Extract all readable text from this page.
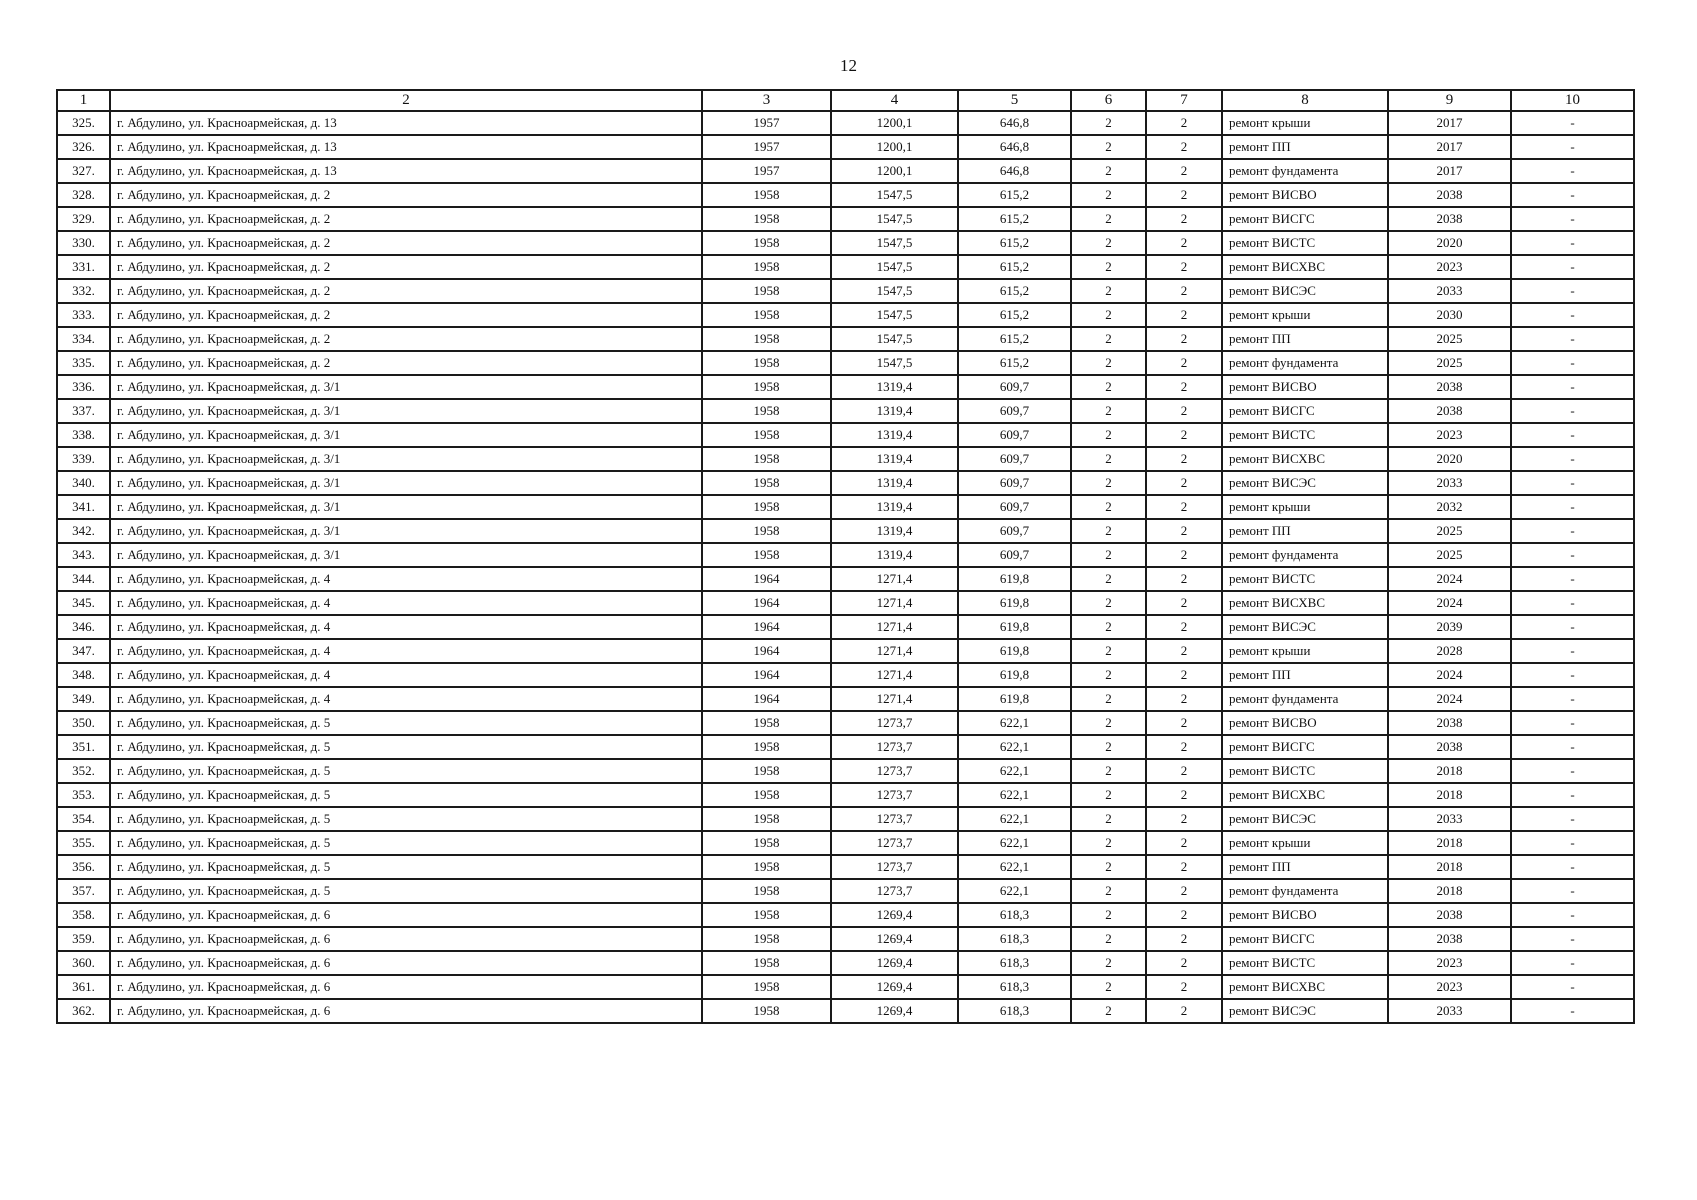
12
1	2	3	4	5	6	7	8	9	10
325.	г. Абдулино, ул. Красноармейская, д. 13	1957	1200,1	646,8	2	2	ремонт крыши	2017	-
326.	г. Абдулино, ул. Красноармейская, д. 13	1957	1200,1	646,8	2	2	ремонт ПП	2017	-
327.	г. Абдулино, ул. Красноармейская, д. 13	1957	1200,1	646,8	2	2	ремонт фундамента	2017	-
328.	г. Абдулино, ул. Красноармейская, д. 2	1958	1547,5	615,2	2	2	ремонт ВИСВО	2038	-
329.	г. Абдулино, ул. Красноармейская, д. 2	1958	1547,5	615,2	2	2	ремонт ВИСГС	2038	-
330.	г. Абдулино, ул. Красноармейская, д. 2	1958	1547,5	615,2	2	2	ремонт ВИСТС	2020	-
331.	г. Абдулино, ул. Красноармейская, д. 2	1958	1547,5	615,2	2	2	ремонт ВИСХВС	2023	-
332.	г. Абдулино, ул. Красноармейская, д. 2	1958	1547,5	615,2	2	2	ремонт ВИСЭС	2033	-
333.	г. Абдулино, ул. Красноармейская, д. 2	1958	1547,5	615,2	2	2	ремонт крыши	2030	-
334.	г. Абдулино, ул. Красноармейская, д. 2	1958	1547,5	615,2	2	2	ремонт ПП	2025	-
335.	г. Абдулино, ул. Красноармейская, д. 2	1958	1547,5	615,2	2	2	ремонт фундамента	2025	-
336.	г. Абдулино, ул. Красноармейская, д. 3/1	1958	1319,4	609,7	2	2	ремонт ВИСВО	2038	-
337.	г. Абдулино, ул. Красноармейская, д. 3/1	1958	1319,4	609,7	2	2	ремонт ВИСГС	2038	-
338.	г. Абдулино, ул. Красноармейская, д. 3/1	1958	1319,4	609,7	2	2	ремонт ВИСТС	2023	-
339.	г. Абдулино, ул. Красноармейская, д. 3/1	1958	1319,4	609,7	2	2	ремонт ВИСХВС	2020	-
340.	г. Абдулино, ул. Красноармейская, д. 3/1	1958	1319,4	609,7	2	2	ремонт ВИСЭС	2033	-
341.	г. Абдулино, ул. Красноармейская, д. 3/1	1958	1319,4	609,7	2	2	ремонт крыши	2032	-
342.	г. Абдулино, ул. Красноармейская, д. 3/1	1958	1319,4	609,7	2	2	ремонт ПП	2025	-
343.	г. Абдулино, ул. Красноармейская, д. 3/1	1958	1319,4	609,7	2	2	ремонт фундамента	2025	-
344.	г. Абдулино, ул. Красноармейская, д. 4	1964	1271,4	619,8	2	2	ремонт ВИСТС	2024	-
345.	г. Абдулино, ул. Красноармейская, д. 4	1964	1271,4	619,8	2	2	ремонт ВИСХВС	2024	-
346.	г. Абдулино, ул. Красноармейская, д. 4	1964	1271,4	619,8	2	2	ремонт ВИСЭС	2039	-
347.	г. Абдулино, ул. Красноармейская, д. 4	1964	1271,4	619,8	2	2	ремонт крыши	2028	-
348.	г. Абдулино, ул. Красноармейская, д. 4	1964	1271,4	619,8	2	2	ремонт ПП	2024	-
349.	г. Абдулино, ул. Красноармейская, д. 4	1964	1271,4	619,8	2	2	ремонт фундамента	2024	-
350.	г. Абдулино, ул. Красноармейская, д. 5	1958	1273,7	622,1	2	2	ремонт ВИСВО	2038	-
351.	г. Абдулино, ул. Красноармейская, д. 5	1958	1273,7	622,1	2	2	ремонт ВИСГС	2038	-
352.	г. Абдулино, ул. Красноармейская, д. 5	1958	1273,7	622,1	2	2	ремонт ВИСТС	2018	-
353.	г. Абдулино, ул. Красноармейская, д. 5	1958	1273,7	622,1	2	2	ремонт ВИСХВС	2018	-
354.	г. Абдулино, ул. Красноармейская, д. 5	1958	1273,7	622,1	2	2	ремонт ВИСЭС	2033	-
355.	г. Абдулино, ул. Красноармейская, д. 5	1958	1273,7	622,1	2	2	ремонт крыши	2018	-
356.	г. Абдулино, ул. Красноармейская, д. 5	1958	1273,7	622,1	2	2	ремонт ПП	2018	-
357.	г. Абдулино, ул. Красноармейская, д. 5	1958	1273,7	622,1	2	2	ремонт фундамента	2018	-
358.	г. Абдулино, ул. Красноармейская, д. 6	1958	1269,4	618,3	2	2	ремонт ВИСВО	2038	-
359.	г. Абдулино, ул. Красноармейская, д. 6	1958	1269,4	618,3	2	2	ремонт ВИСГС	2038	-
360.	г. Абдулино, ул. Красноармейская, д. 6	1958	1269,4	618,3	2	2	ремонт ВИСТС	2023	-
361.	г. Абдулино, ул. Красноармейская, д. 6	1958	1269,4	618,3	2	2	ремонт ВИСХВС	2023	-
362.	г. Абдулино, ул. Красноармейская, д. 6	1958	1269,4	618,3	2	2	ремонт ВИСЭС	2033	-
